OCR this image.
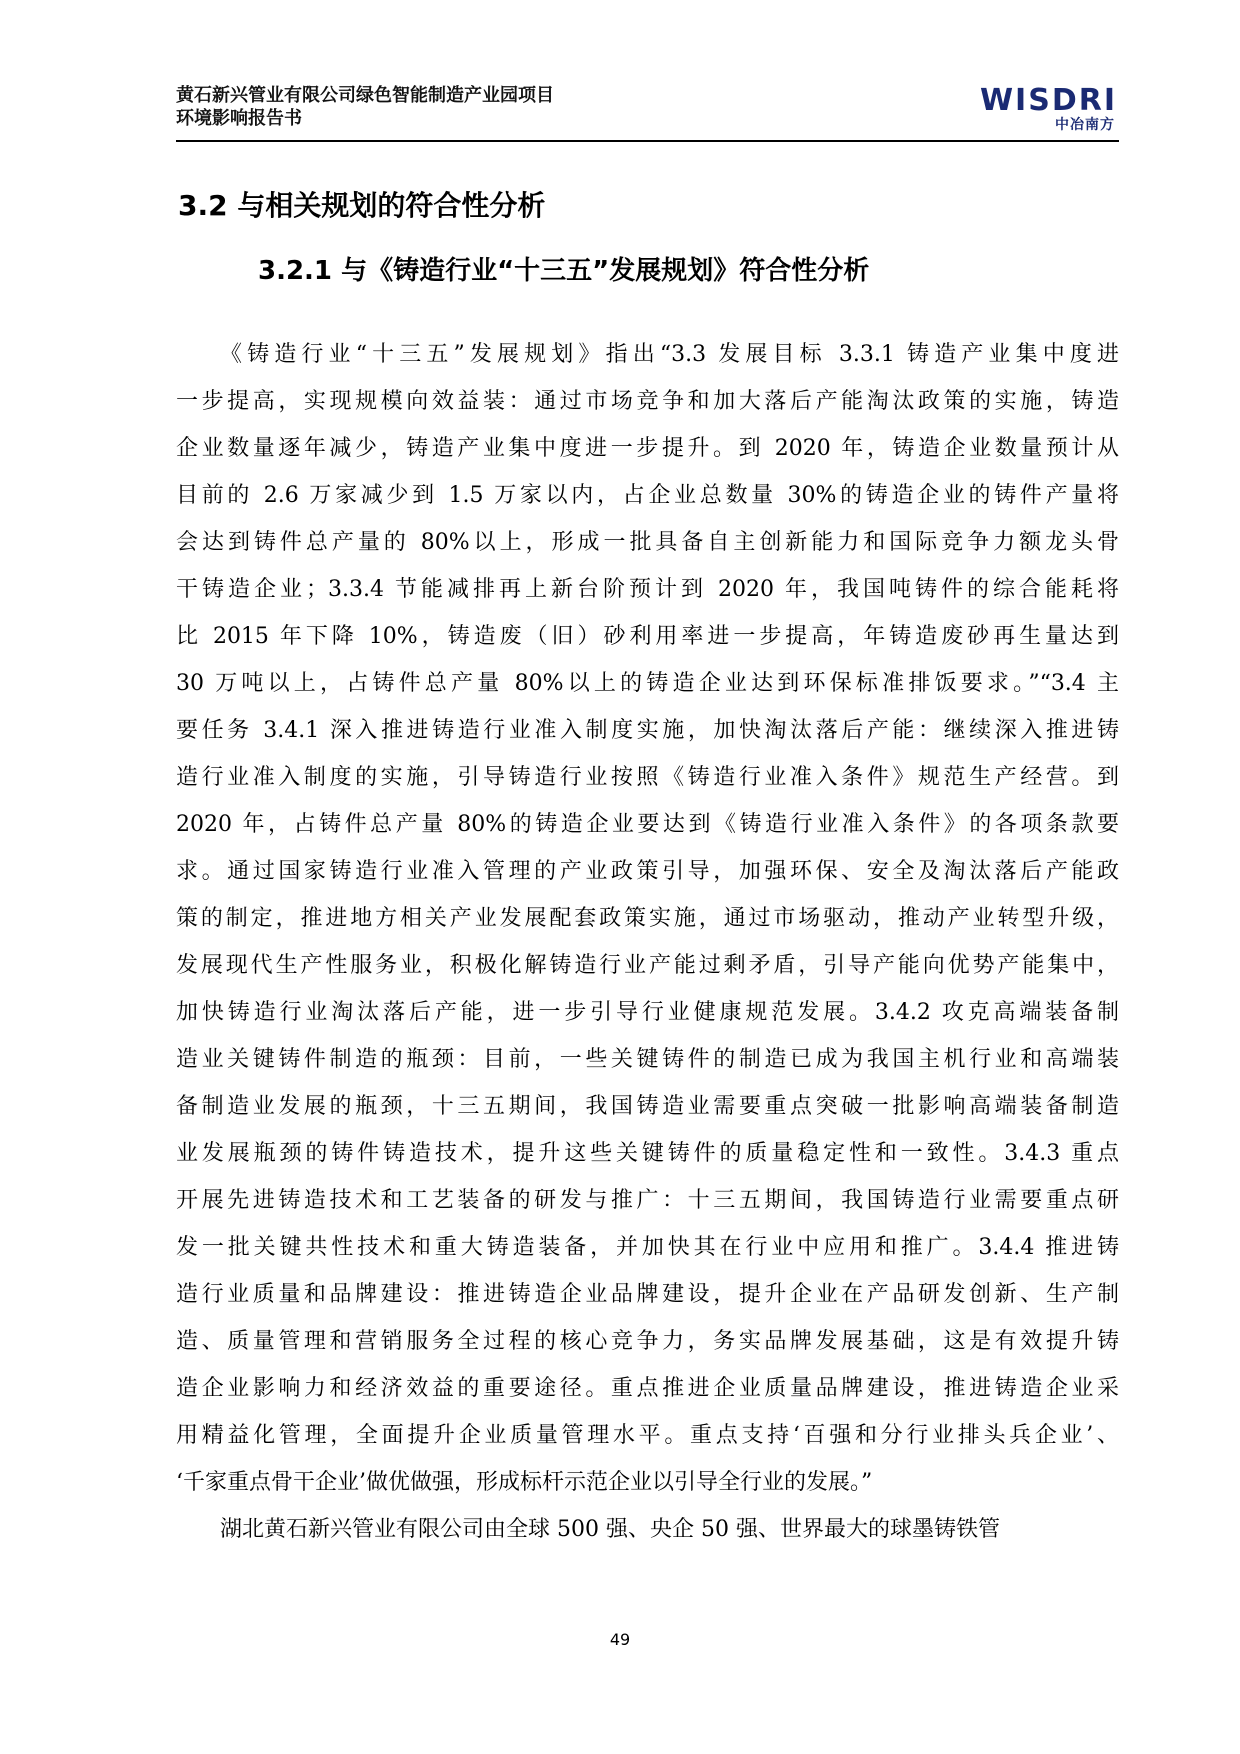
黄石新兴管业有限公司绿色智能制造产业园项目
环境影响报告书
WISDRI
中冶南方
3.2 与相关规划的符合性分析
3.2.1 与《铸造行业“十三五”发展规划》符合性分析
《铸造行业“十三五”发展规划》指出“3.3 发展目标 3.3.1 铸造产业集中度进
一步提高，实现规模向效益装：通过市场竞争和加大落后产能淘汰政策的实施，铸造
企业数量逐年减少，铸造产业集中度进一步提升。到 2020 年，铸造企业数量预计从
目前的 2.6 万家减少到 1.5 万家以内，占企业总数量 30%的铸造企业的铸件产量将
会达到铸件总产量的 80%以上，形成一批具备自主创新能力和国际竞争力额龙头骨
干铸造企业；3.3.4 节能减排再上新台阶预计到 2020 年，我国吨铸件的综合能耗将
比 2015 年下降 10%，铸造废（旧）砂利用率进一步提高，年铸造废砂再生量达到
30 万吨以上，占铸件总产量 80%以上的铸造企业达到环保标准排饭要求。”“3.4 主
要任务 3.4.1 深入推进铸造行业准入制度实施，加快淘汰落后产能：继续深入推进铸
造行业准入制度的实施，引导铸造行业按照《铸造行业准入条件》规范生产经营。到
2020 年，占铸件总产量 80%的铸造企业要达到《铸造行业准入条件》的各项条款要
求。通过国家铸造行业准入管理的产业政策引导，加强环保、安全及淘汰落后产能政
策的制定，推进地方相关产业发展配套政策实施，通过市场驱动，推动产业转型升级，
发展现代生产性服务业，积极化解铸造行业产能过剩矛盾，引导产能向优势产能集中，
加快铸造行业淘汰落后产能，进一步引导行业健康规范发展。3.4.2 攻克高端装备制
造业关键铸件制造的瓶颈：目前，一些关键铸件的制造已成为我国主机行业和高端装
备制造业发展的瓶颈，十三五期间，我国铸造业需要重点突破一批影响高端装备制造
业发展瓶颈的铸件铸造技术，提升这些关键铸件的质量稳定性和一致性。3.4.3 重点
开展先进铸造技术和工艺装备的研发与推广：十三五期间，我国铸造行业需要重点研
发一批关键共性技术和重大铸造装备，并加快其在行业中应用和推广。3.4.4 推进铸
造行业质量和品牌建设：推进铸造企业品牌建设，提升企业在产品研发创新、生产制
造、质量管理和营销服务全过程的核心竞争力，务实品牌发展基础，这是有效提升铸
造企业影响力和经济效益的重要途径。重点推进企业质量品牌建设，推进铸造企业采
用精益化管理，全面提升企业质量管理水平。重点支持‘百强和分行业排头兵企业’、
‘千家重点骨干企业’做优做强，形成标杆示范企业以引导全行业的发展。”
湖北黄石新兴管业有限公司由全球 500 强、央企 50 强、世界最大的球墨铸铁管
49
